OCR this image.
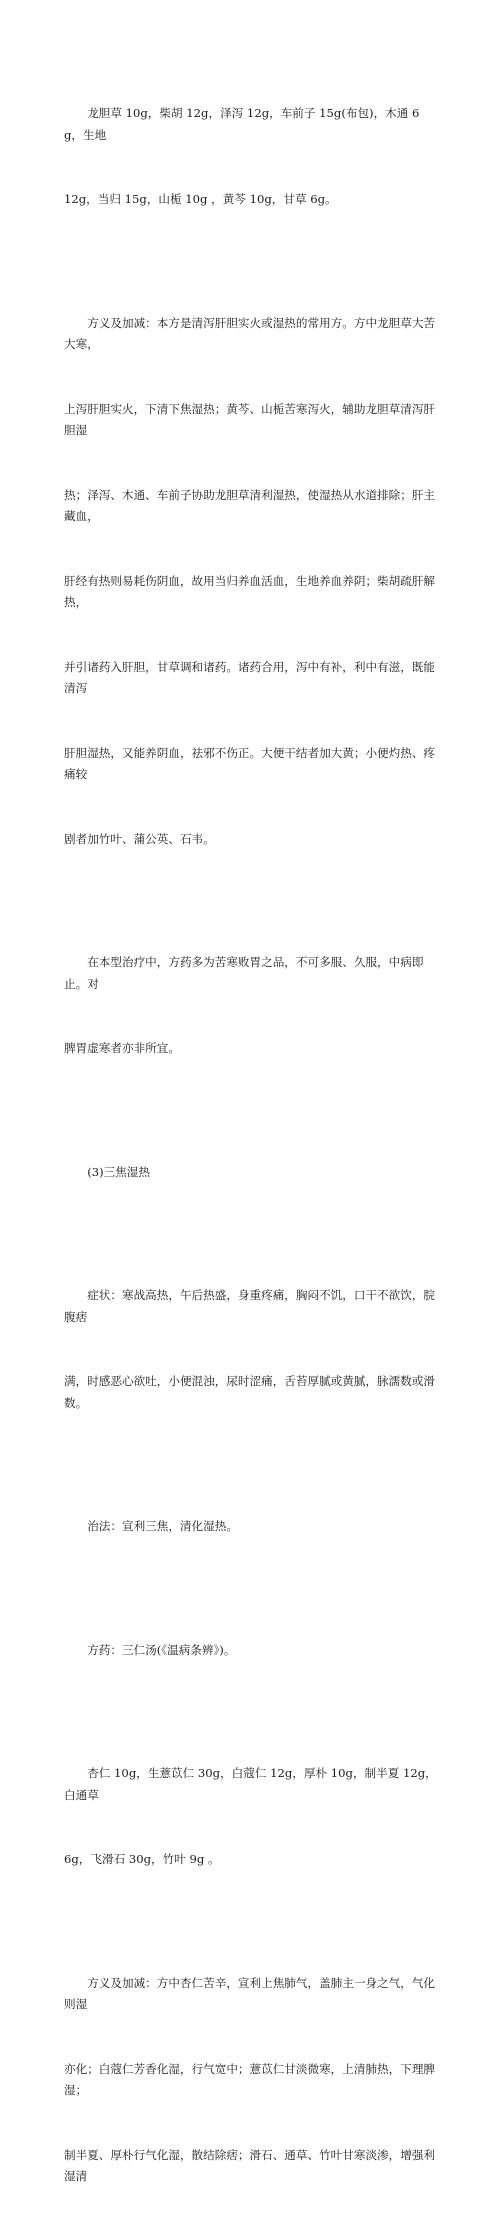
　　龙胆草 10g，柴胡 12g，泽泻 12g，车前子 15g(布包)，木通 6g，生地

12g，当归 15g，山栀 10g ，黄芩 10g，甘草 6g。

　　方义及加减：本方是清泻肝胆实火或湿热的常用方。方中龙胆草大苦大寒，

上泻肝胆实火，下清下焦湿热；黄芩、山栀苦寒泻火，辅助龙胆草清泻肝胆湿

热；泽泻、木通、车前子协助龙胆草清利湿热，使湿热从水道排除；肝主藏血，

肝经有热则易耗伤阴血，故用当归养血活血，生地养血养阴；柴胡疏肝解热，

并引诸药入肝胆，甘草调和诸药。诸药合用，泻中有补，利中有滋，既能清泻

肝胆湿热，又能养阴血，祛邪不伤正。大便干结者加大黄；小便灼热、疼痛较

剧者加竹叶、蒲公英、石韦。

　　在本型治疗中，方药多为苦寒败胃之品，不可多服、久服，中病即止。对

脾胃虚寒者亦非所宜。

　　(3)三焦湿热

　　症状：寒战高热，午后热盛，身重疼痛，胸闷不饥，口干不欲饮，脘腹痞

满，时感恶心欲吐，小便混浊，尿时涩痛，舌苔厚腻或黄腻，脉濡数或滑数。

　　治法：宣利三焦，清化湿热。

　　方药：三仁汤(《温病条辨》)。

　　杏仁 10g，生薏苡仁 30g，白蔻仁 12g，厚朴 10g，制半夏 12g，白通草

6g，飞滑石 30g，竹叶 9g 。

　　方义及加减：方中杏仁苦辛，宣利上焦肺气，盖肺主一身之气，气化则湿

亦化；白蔻仁芳香化湿，行气宽中；薏苡仁甘淡微寒，上清肺热，下理脾湿；

制半夏、厚朴行气化湿，散结除痞；滑石、通草、竹叶甘寒淡渗，增强利湿清
